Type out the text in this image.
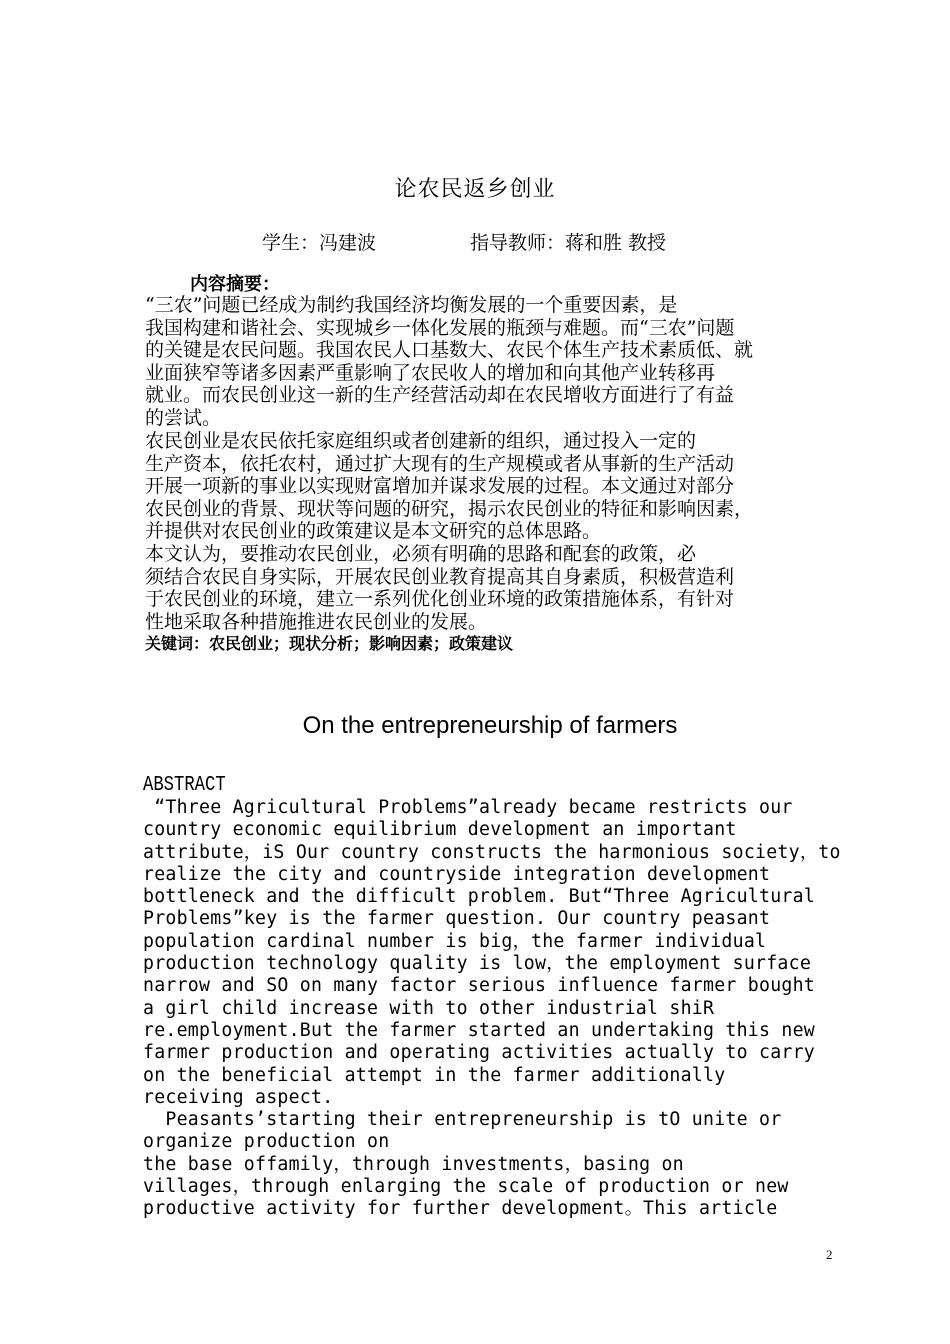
论农民返乡创业
学生：冯建波	指导教师：蒋和胜 教授
内容摘要：

“三农”问题已经成为制约我国经济均衡发展的一个重要因素，是
我国构建和谐社会、实现城乡一体化发展的瓶颈与难题。而“三农”问题
的关键是农民问题。我国农民人口基数大、农民个体生产技术素质低、就
业面狭窄等诸多因素严重影响了农民收人的增加和向其他产业转移再
就业。而农民创业这一新的生产经营活动却在农民增收方面进行了有益
的尝试。

农民创业是农民依托家庭组织或者创建新的组织，通过投入一定的
生产资本，依托农村，通过扩大现有的生产规模或者从事新的生产活动
开展一项新的事业以实现财富增加并谋求发展的过程。本文通过对部分
农民创业的背景、现状等问题的研究，揭示农民创业的特征和影响因素，
并提供对农民创业的政策建议是本文研究的总体思路。

本文认为，要推动农民创业，必须有明确的思路和配套的政策，必
须结合农民自身实际，开展农民创业教育提高其自身素质，积极营造利
于农民创业的环境，建立一系列优化创业环境的政策措施体系，有针对
性地采取各种措施推进农民创业的发展。

关键词：农民创业；现状分析；影响因素；政策建议
On the entrepreneurship of farmers
ABSTRACT
“Three Agricultural Problems”already became restricts our
country economic equilibrium development an important
attribute，iS Our country constructs the harmonious society，to
realize the city and countryside integration development
bottleneck and the difficult problem. But“Three Agricultural
Problems”key is the farmer question. Our country peasant
population cardinal number is big，the farmer individual
production technology quality is low，the employment surface
narrow and SO on many factor serious influence farmer bought
a girl child increase with to other industrial shiR
re.employment.But the farmer started an undertaking this new
farmer production and operating activities actually to carry
on the beneficial attempt in the farmer additionally
receiving aspect.
Peasants’starting their entrepreneurship is tO unite or
organize production on
the base offamily，through investments，basing on
villages，through enlarging the scale of production or new
productive activity for further development。This article
2
